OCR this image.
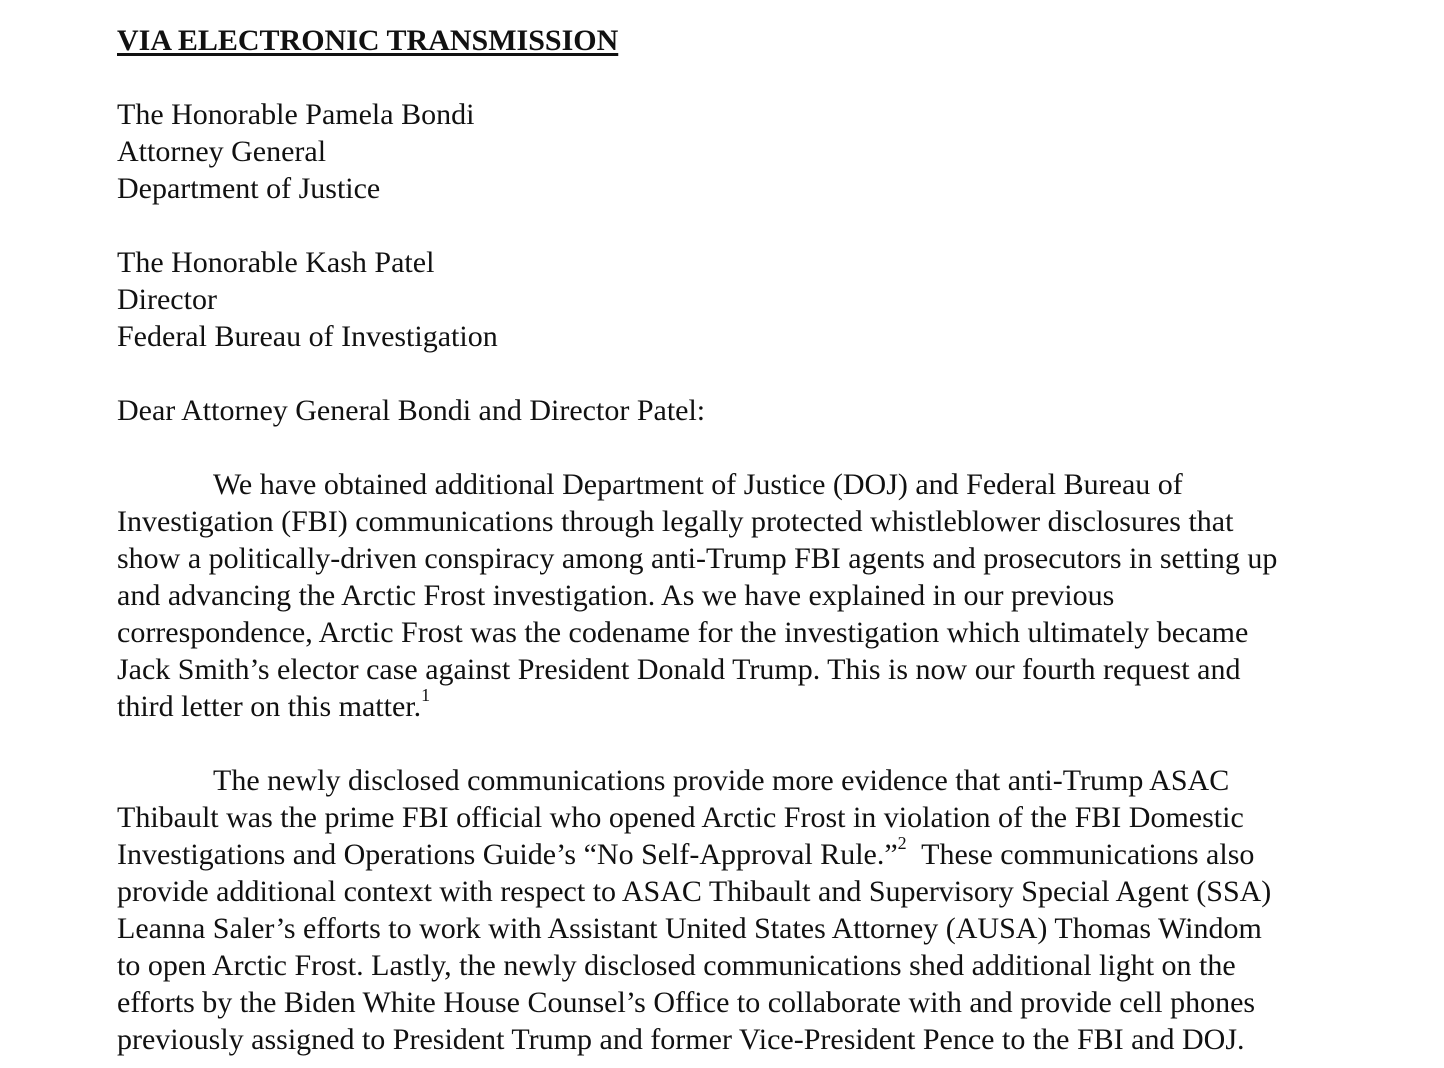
VIA ELECTRONIC TRANSMISSION

The Honorable Pamela Bondi
Attorney General
Department of Justice
The Honorable Kash Patel
Director
Federal Bureau of Investigation

Dear Attorney General Bondi and Director Patel:

We have obtained additional Department of Justice (DOJ) and Federal Bureau of
Investigation (FBI) communications through legally protected whistleblower disclosures that
show a politically-driven conspiracy among anti-Trump FBI agents and prosecutors in setting up
and advancing the Arctic Frost investigation. As we have explained in our previous
correspondence, Arctic Frost was the codename for the investigation which ultimately became
Jack Smith’s elector case against President Donald Trump. This is now our fourth request and
third letter on this matter.$^1$
The newly disclosed communications provide more evidence that anti-Trump ASAC
Thibault was the prime FBI official who opened Arctic Frost in violation of the FBI Domestic
Investigations and Operations Guide’s “No Self-Approval Rule.”$^2$  These communications also
provide additional context with respect to ASAC Thibault and Supervisory Special Agent (SSA)
Leanna Saler’s efforts to work with Assistant United States Attorney (AUSA) Thomas Windom
to open Arctic Frost. Lastly, the newly disclosed communications shed additional light on the
efforts by the Biden White House Counsel’s Office to collaborate with and provide cell phones
previously assigned to President Trump and former Vice-President Pence to the FBI and DOJ.
